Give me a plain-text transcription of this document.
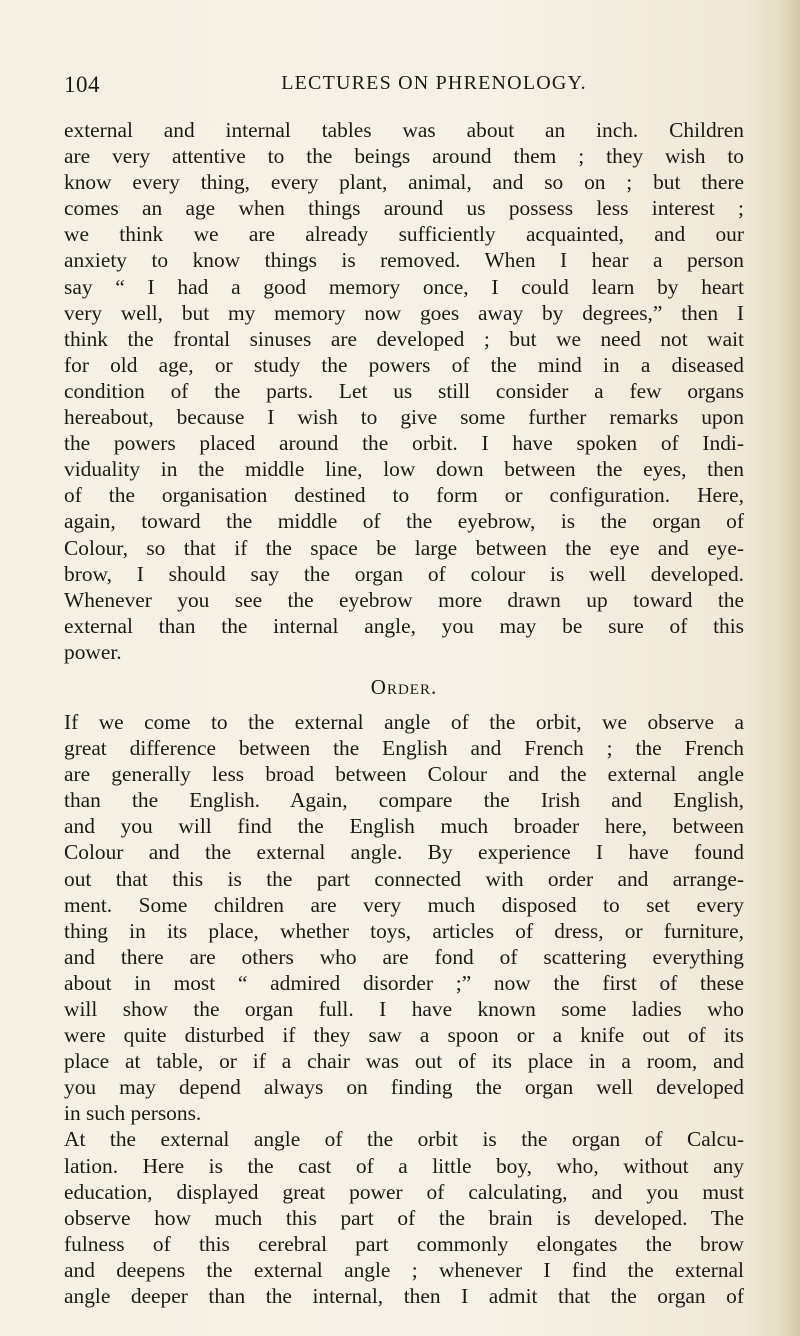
104	LECTURES ON PHRENOLOGY.
external and internal tables was about an inch. Children
are very attentive to the beings around them ; they wish to
know every thing, every plant, animal, and so on ; but there
comes an age when things around us possess less interest ;
we think we are already sufficiently acquainted, and our
anxiety to know things is removed. When I hear a person
say “ I had a good memory once, I could learn by heart
very well, but my memory now goes away by degrees,” then I
think the frontal sinuses are developed ; but we need not wait
for old age, or study the powers of the mind in a diseased
condition of the parts. Let us still consider a few organs
hereabout, because I wish to give some further remarks upon
the powers placed around the orbit. I have spoken of Indi-
viduality in the middle line, low down between the eyes, then
of the organisation destined to form or configuration. Here,
again, toward the middle of the eyebrow, is the organ of
Colour, so that if the space be large between the eye and eye-
brow, I should say the organ of colour is well developed.
Whenever you see the eyebrow more drawn up toward the
external than the internal angle, you may be sure of this
power.
Order.
If we come to the external angle of the orbit, we observe a
great difference between the English and French ; the French
are generally less broad between Colour and the external angle
than the English. Again, compare the Irish and English,
and you will find the English much broader here, between
Colour and the external angle. By experience I have found
out that this is the part connected with order and arrange-
ment. Some children are very much disposed to set every
thing in its place, whether toys, articles of dress, or furniture,
and there are others who are fond of scattering everything
about in most “ admired disorder ;” now the first of these
will show the organ full. I have known some ladies who
were quite disturbed if they saw a spoon or a knife out of its
place at table, or if a chair was out of its place in a room, and
you may depend always on finding the organ well developed
in such persons.
At the external angle of the orbit is the organ of Calcu-
lation. Here is the cast of a little boy, who, without any
education, displayed great power of calculating, and you must
observe how much this part of the brain is developed. The
fulness of this cerebral part commonly elongates the brow
and deepens the external angle ; whenever I find the external
angle deeper than the internal, then I admit that the organ of
